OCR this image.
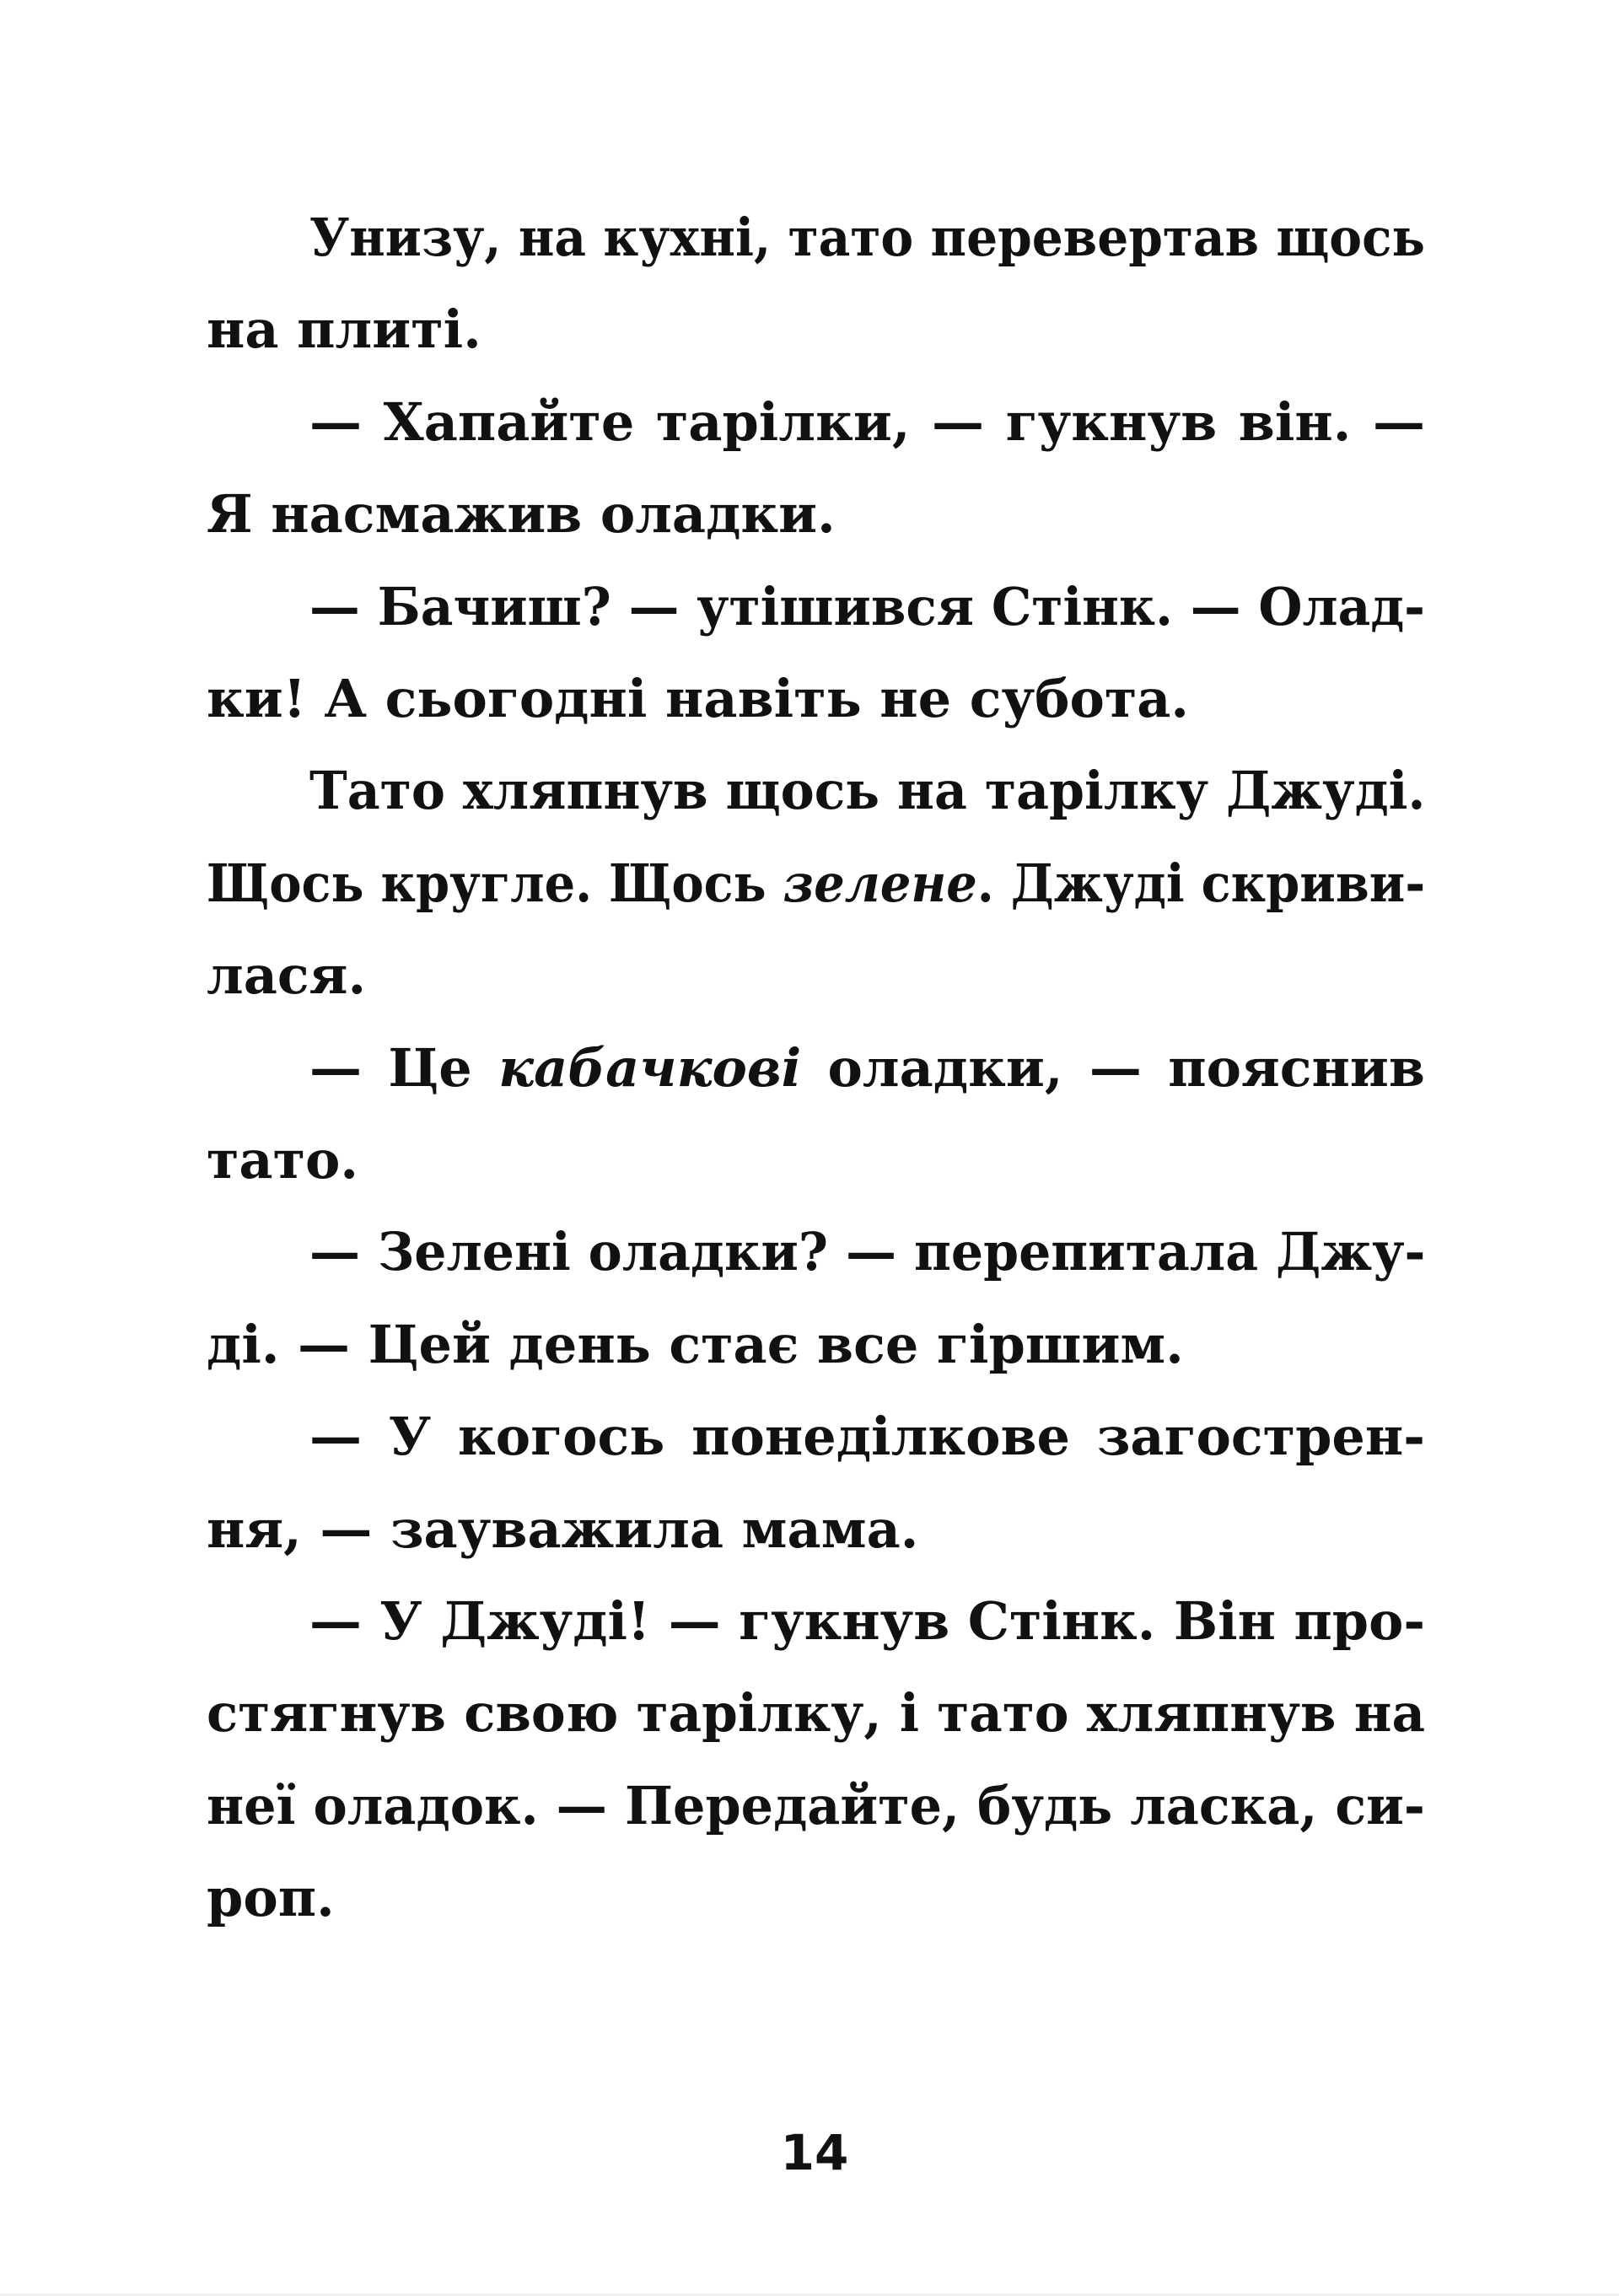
Унизу, на кухні, тато перевертав щось
на плиті.
— Хапайте тарілки, — гукнув він. —
Я насмажив оладки.
— Бачиш? — утішився Стінк. — Олад-
ки! А сьогодні навіть не субота.
Тато хляпнув щось на тарілку Джуді.
Щось кругле. Щось зелене. Джуді скриви-
лася.
— Це кабачкові оладки, — пояснив
тато.
— Зелені оладки? — перепитала Джу-
ді. — Цей день стає все гіршим.
— У когось понеділкове загострен-
ня, — зауважила мама.
— У Джуді! — гукнув Стінк. Він про-
стягнув свою тарілку, і тато хляпнув на
неї оладок. — Передайте, будь ласка, си-
роп.
14
